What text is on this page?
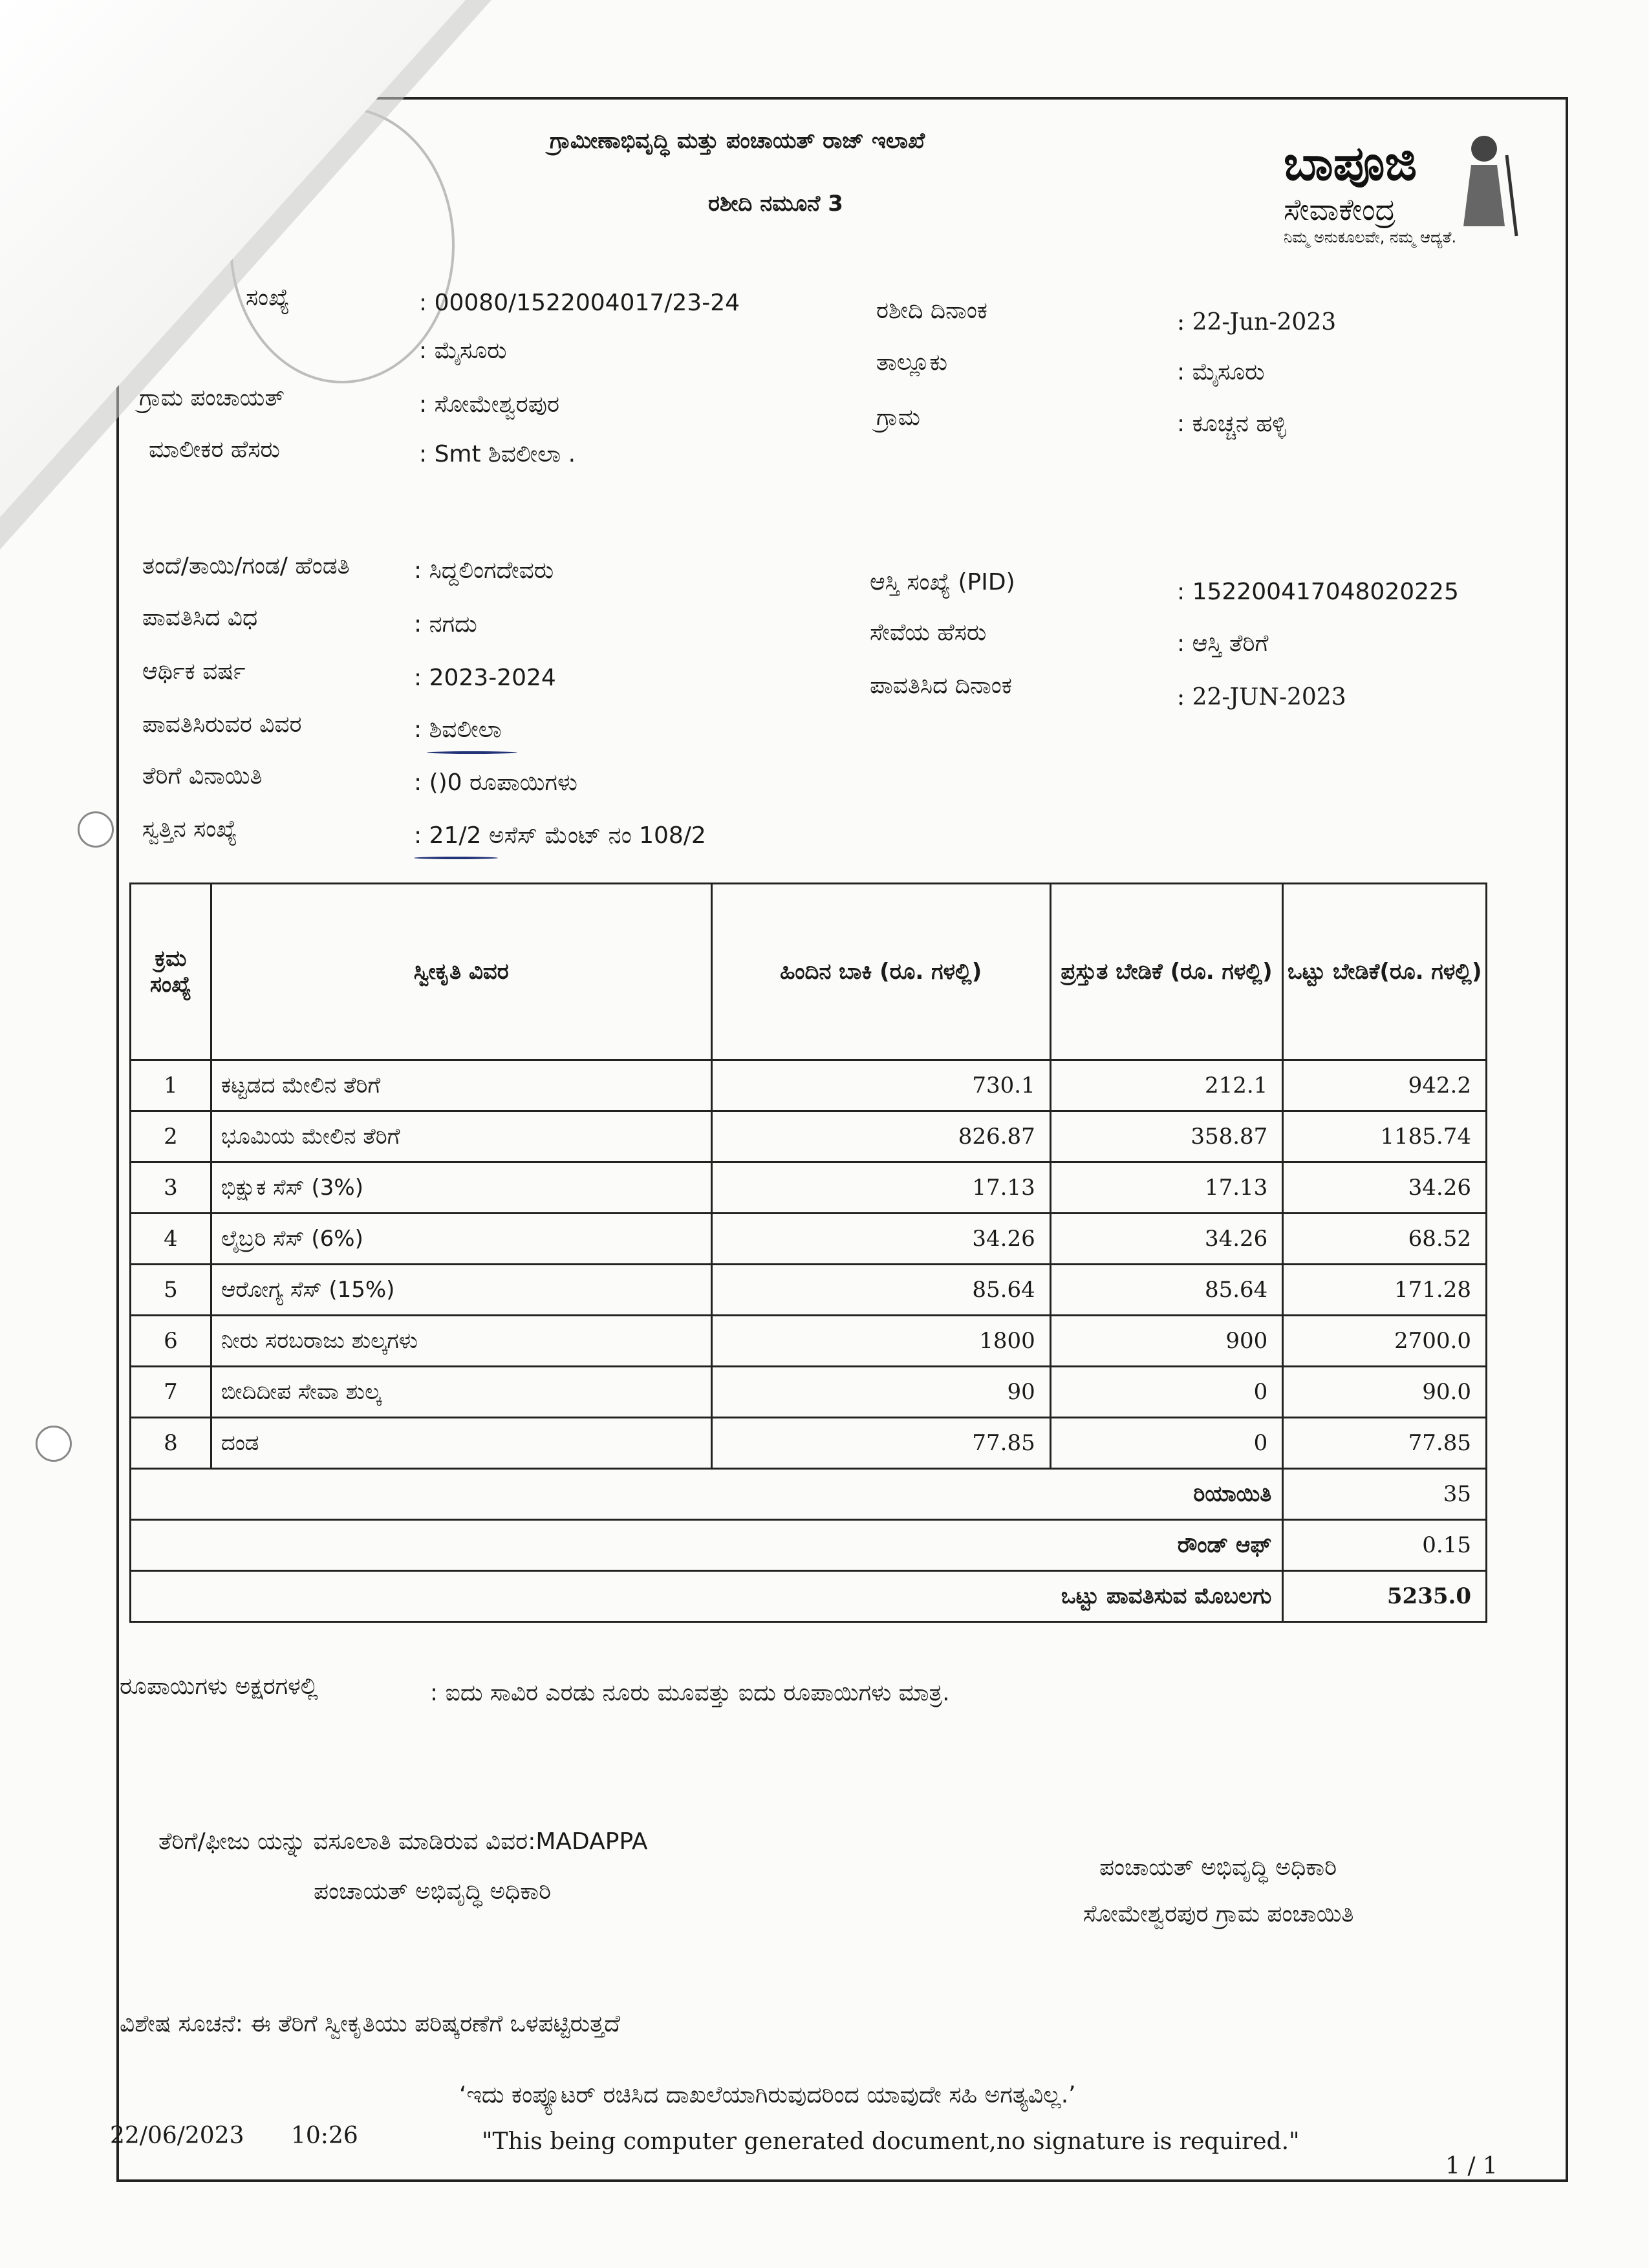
ಗ್ರಾಮೀಣಾಭಿವೃದ್ಧಿ ಮತ್ತು ಪಂಚಾಯತ್ ರಾಜ್ ಇಲಾಖೆ
ರಶೀದಿ ನಮೂನೆ 3
ಬಾಪೂಜಿ
ಸೇವಾಕೇಂದ್ರ
ನಿಮ್ಮ ಅನುಕೂಲವೇ, ನಮ್ಮ ಆದ್ಯತೆ.
ಸಂಖ್ಯೆ	: 00080/1522004017/23-24
: ಮೈಸೂರು
ಗ್ರಾಮ ಪಂಚಾಯತ್	: ಸೋಮೇಶ್ವರಪುರ
ಮಾಲೀಕರ ಹೆಸರು	: Smt ಶಿವಲೀಲಾ .
ತಂದೆ/ತಾಯಿ/ಗಂಡ/ ಹೆಂಡತಿ	: ಸಿದ್ದಲಿಂಗದೇವರು
ಪಾವತಿಸಿದ ವಿಧ	: ನಗದು
ಆರ್ಥಿಕ ವರ್ಷ	: 2023-2024
ಪಾವತಿಸಿರುವರ ವಿವರ	: ಶಿವಲೀಲಾ
ತೆರಿಗೆ ವಿನಾಯಿತಿ	: ()0 ರೂಪಾಯಿಗಳು
ಸ್ವತ್ತಿನ ಸಂಖ್ಯೆ	: 21/2 ಅಸೆಸ್ ಮೆಂಟ್ ನಂ 108/2
ರಶೀದಿ ದಿನಾಂಕ	: 22-Jun-2023
ತಾಲ್ಲೂಕು	: ಮೈಸೂರು
ಗ್ರಾಮ	: ಕೂಚ್ಚನ ಹಳ್ಳಿ
ಆಸ್ತಿ ಸಂಖ್ಯೆ (PID)	: 152200417048020225
ಸೇವೆಯ ಹೆಸರು	: ಆಸ್ತಿ ತೆರಿಗೆ
ಪಾವತಿಸಿದ ದಿನಾಂಕ	: 22-JUN-2023
ಕ್ರಮ ಸಂಖ್ಯೆ	ಸ್ವೀಕೃತಿ ವಿವರ	ಹಿಂದಿನ ಬಾಕಿ (ರೂ. ಗಳಲ್ಲಿ)	ಪ್ರಸ್ತುತ ಬೇಡಿಕೆ (ರೂ. ಗಳಲ್ಲಿ)	ಒಟ್ಟು ಬೇಡಿಕೆ(ರೂ. ಗಳಲ್ಲಿ)
1	ಕಟ್ಟಡದ ಮೇಲಿನ ತೆರಿಗೆ	730.1	212.1	942.2
2	ಭೂಮಿಯ ಮೇಲಿನ ತೆರಿಗೆ	826.87	358.87	1185.74
3	ಭಿಕ್ಷುಕ ಸೆಸ್ (3%)	17.13	17.13	34.26
4	ಲೈಬ್ರರಿ ಸೆಸ್ (6%)	34.26	34.26	68.52
5	ಆರೋಗ್ಯ ಸೆಸ್ (15%)	85.64	85.64	171.28
6	ನೀರು ಸರಬರಾಜು ಶುಲ್ಕಗಳು	1800	900	2700.0
7	ಬೀದಿದೀಪ ಸೇವಾ ಶುಲ್ಕ	90	0	90.0
8	ದಂಡ	77.85	0	77.85
ರಿಯಾಯಿತಿ				35
ರೌಂಡ್ ಆಫ್				0.15
ಒಟ್ಟು ಪಾವತಿಸುವ ಮೊಬಲಗು				5235.0
ರೂಪಾಯಿಗಳು ಅಕ್ಷರಗಳಲ್ಲಿ	: ಐದು ಸಾವಿರ ಎರಡು ನೂರು ಮೂವತ್ತು ಐದು ರೂಪಾಯಿಗಳು ಮಾತ್ರ.
ತೆರಿಗೆ/ಫೀಜು ಯನ್ನು ವಸೂಲಾತಿ ಮಾಡಿರುವ ವಿವರ:MADAPPA
ಪಂಚಾಯತ್ ಅಭಿವೃದ್ಧಿ ಅಧಿಕಾರಿ
ಪಂಚಾಯತ್ ಅಭಿವೃದ್ಧಿ ಅಧಿಕಾರಿ
ಸೋಮೇಶ್ವರಪುರ ಗ್ರಾಮ ಪಂಚಾಯಿತಿ
ವಿಶೇಷ ಸೂಚನೆ: ಈ ತೆರಿಗೆ ಸ್ವೀಕೃತಿಯು ಪರಿಷ್ಕರಣೆಗೆ ಒಳಪಟ್ಟಿರುತ್ತದೆ
‘ಇದು ಕಂಪ್ಯೂಟರ್ ರಚಿಸಿದ ದಾಖಲೆಯಾಗಿರುವುದರಿಂದ ಯಾವುದೇ ಸಹಿ ಅಗತ್ಯವಿಲ್ಲ.’
"This being computer generated document,no signature is required."
22/06/2023 10:26
1 / 1
